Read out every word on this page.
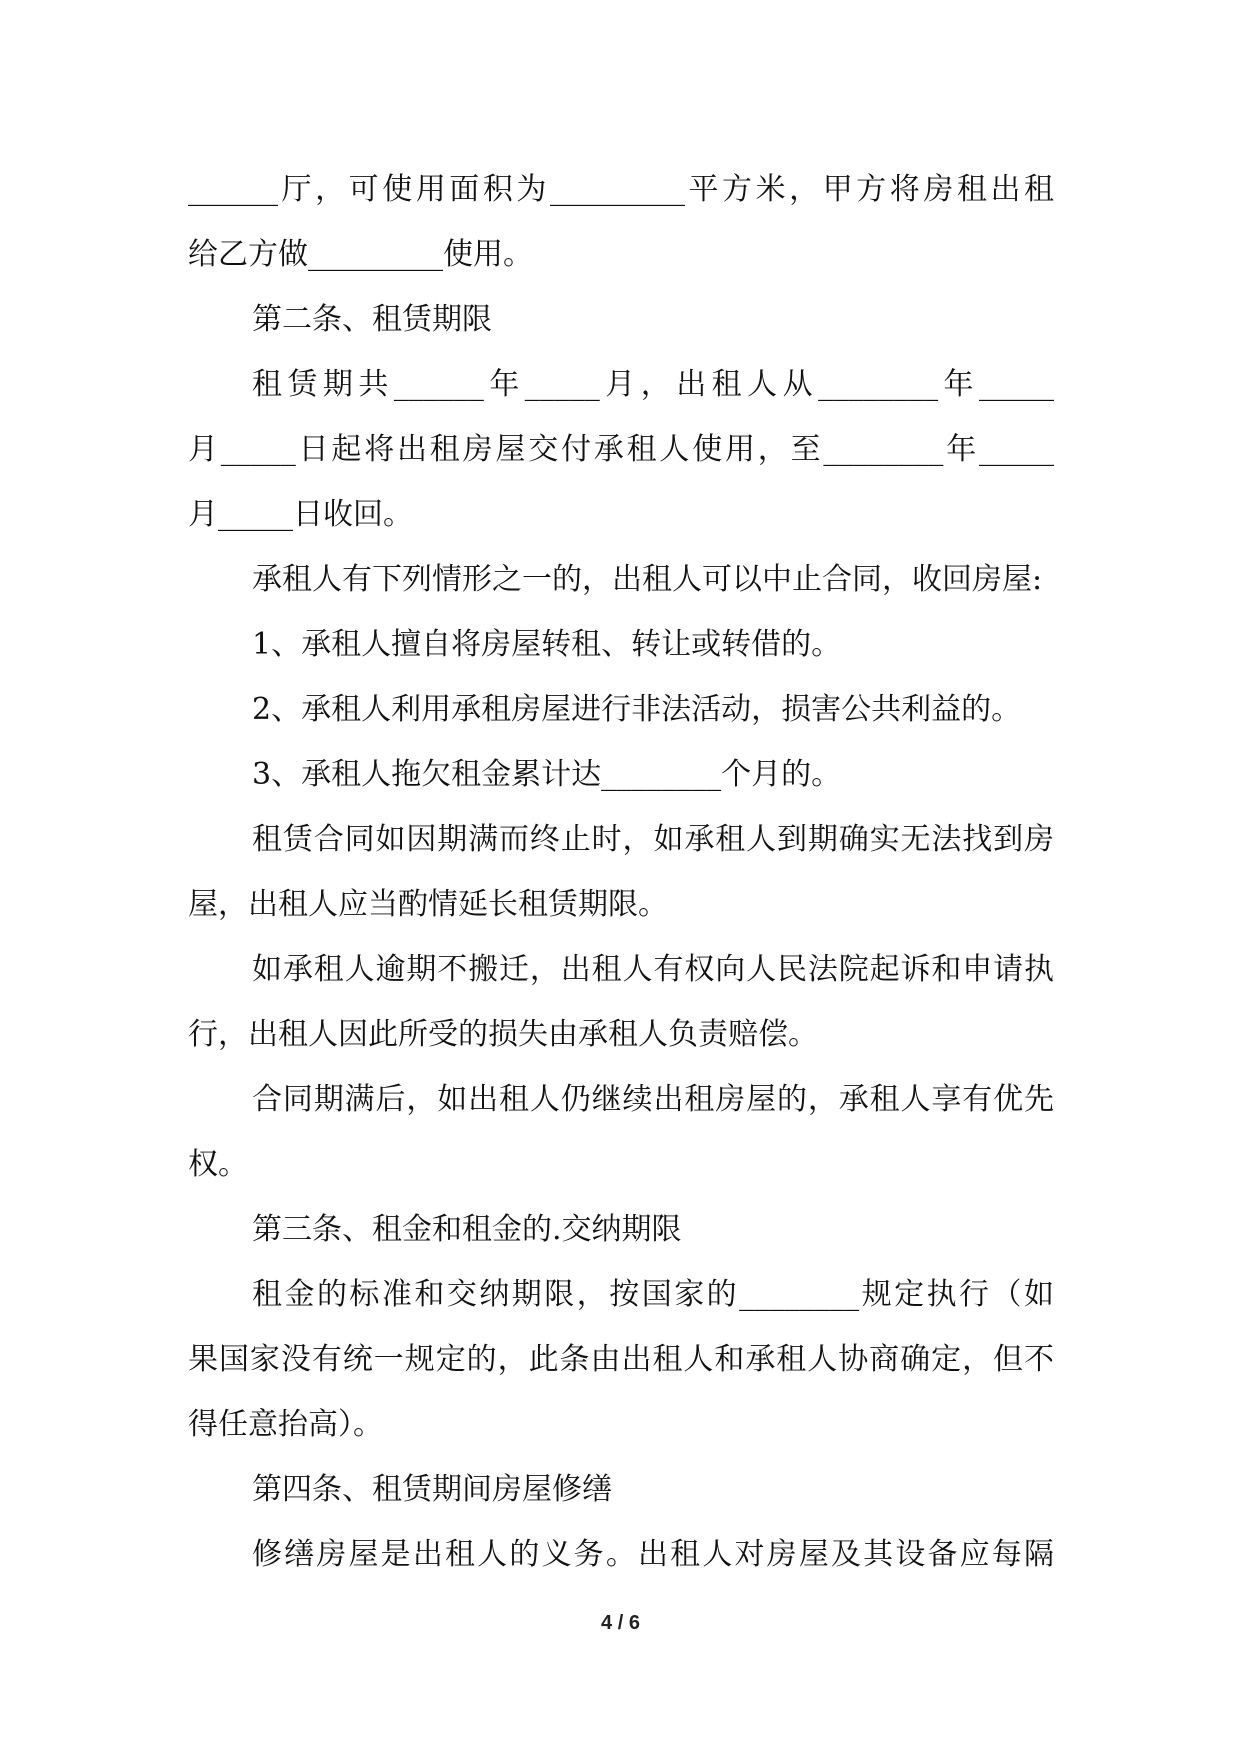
______厅，可使用面积为_________平方米，甲方将房租出租
给乙方做_________使用。
第二条、租赁期限
租赁期共______年_____月，出租人从________年_____
月_____日起将出租房屋交付承租人使用，至________年_____
月_____日收回。
承租人有下列情形之一的，出租人可以中止合同，收回房屋:
1、承租人擅自将房屋转租、转让或转借的。
2、承租人利用承租房屋进行非法活动，损害公共利益的。
3、承租人拖欠租金累计达________个月的。
租赁合同如因期满而终止时，如承租人到期确实无法找到房
屋，出租人应当酌情延长租赁期限。
如承租人逾期不搬迁，出租人有权向人民法院起诉和申请执
行，出租人因此所受的损失由承租人负责赔偿。
合同期满后，如出租人仍继续出租房屋的，承租人享有优先
权。
第三条、租金和租金的.交纳期限
租金的标准和交纳期限，按国家的________规定执行（如
果国家没有统一规定的，此条由出租人和承租人协商确定，但不
得任意抬高）。
第四条、租赁期间房屋修缮
修缮房屋是出租人的义务。出租人对房屋及其设备应每隔
4 / 6
